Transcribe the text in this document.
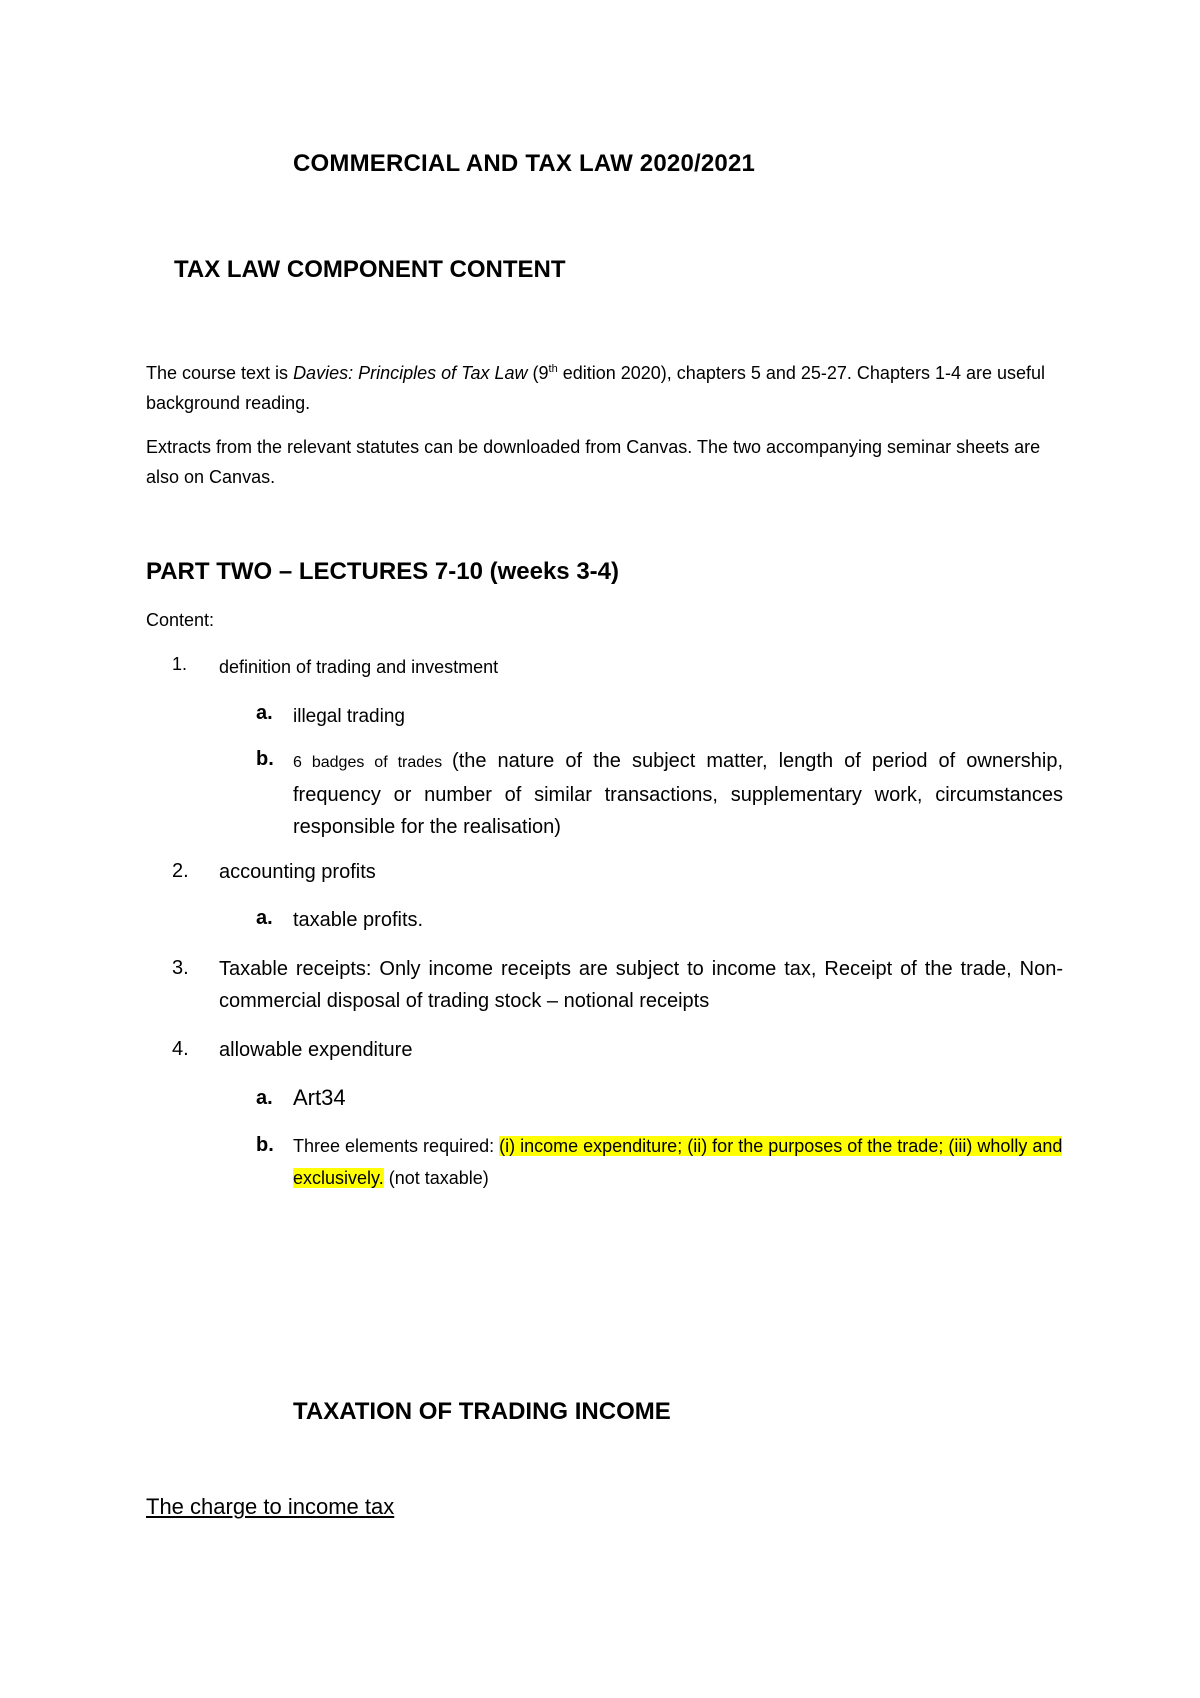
COMMERCIAL AND TAX LAW 2020/2021
TAX LAW COMPONENT CONTENT
The course text is Davies: Principles of Tax Law (9th edition 2020), chapters 5 and 25-27. Chapters 1-4 are useful background reading.
Extracts from the relevant statutes can be downloaded from Canvas. The two accompanying seminar sheets are also on Canvas.
PART TWO – LECTURES 7-10 (weeks 3-4)
Content:
1.	definition of trading and investment
a.	illegal trading
b.	6 badges of trades (the nature of the subject matter, length of period of ownership, frequency or number of similar transactions, supplementary work, circumstances responsible for the realisation)
2.	accounting profits
a.	taxable profits.
3.	Taxable receipts: Only income receipts are subject to income tax, Receipt of the trade, Non-commercial disposal of trading stock – notional receipts
4.	allowable expenditure
a. Art34
b.	Three elements required: (i) income expenditure; (ii) for the purposes of the trade; (iii) wholly and exclusively. (not taxable)
TAXATION OF TRADING INCOME
The charge to income tax
